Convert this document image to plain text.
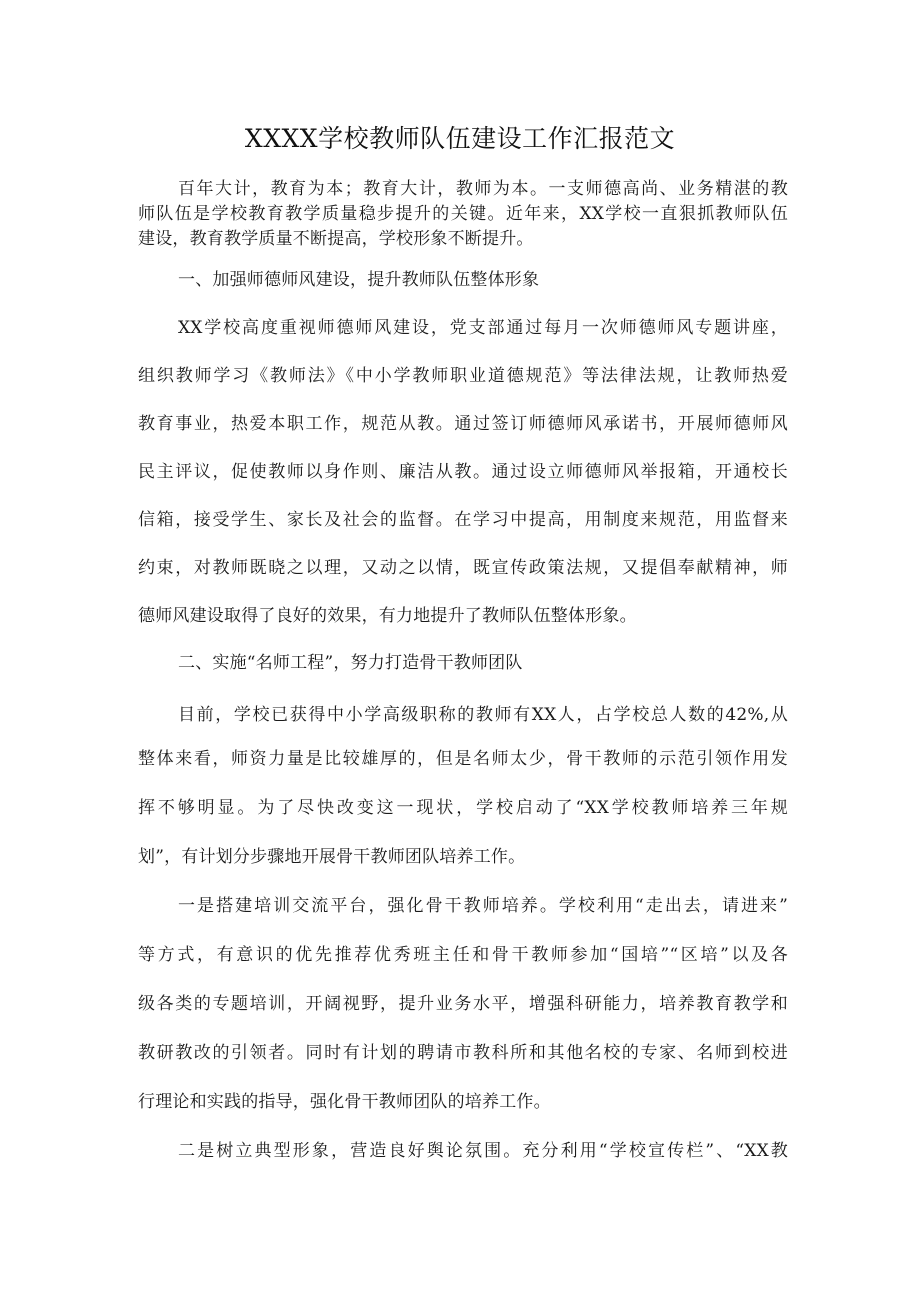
XXXX学校教师队伍建设工作汇报范文
百年大计，教育为本；教育大计，教师为本。一支师德高尚、业务精湛的教
师队伍是学校教育教学质量稳步提升的关键。近年来，XX学校一直狠抓教师队伍
建设，教育教学质量不断提高，学校形象不断提升。
一、加强师德师风建设，提升教师队伍整体形象
XX学校高度重视师德师风建设，党支部通过每月一次师德师风专题讲座，
组织教师学习《教师法》《中小学教师职业道德规范》等法律法规，让教师热爱
教育事业，热爱本职工作，规范从教。通过签订师德师风承诺书，开展师德师风
民主评议，促使教师以身作则、廉洁从教。通过设立师德师风举报箱，开通校长
信箱，接受学生、家长及社会的监督。在学习中提高，用制度来规范，用监督来
约束，对教师既晓之以理，又动之以情，既宣传政策法规，又提倡奉献精神，师
德师风建设取得了良好的效果，有力地提升了教师队伍整体形象。
二、实施“名师工程”，努力打造骨干教师团队
目前，学校已获得中小学高级职称的教师有XX人，占学校总人数的42%,从
整体来看，师资力量是比较雄厚的，但是名师太少，骨干教师的示范引领作用发
挥不够明显。为了尽快改变这一现状，学校启动了“XX学校教师培养三年规
划”，有计划分步骤地开展骨干教师团队培养工作。
一是搭建培训交流平台，强化骨干教师培养。学校利用“走出去，请进来”
等方式，有意识的优先推荐优秀班主任和骨干教师参加“国培”“区培”以及各
级各类的专题培训，开阔视野，提升业务水平，增强科研能力，培养教育教学和
教研教改的引领者。同时有计划的聘请市教科所和其他名校的专家、名师到校进
行理论和实践的指导，强化骨干教师团队的培养工作。
二是树立典型形象，营造良好舆论氛围。充分利用“学校宣传栏”、“XX教
